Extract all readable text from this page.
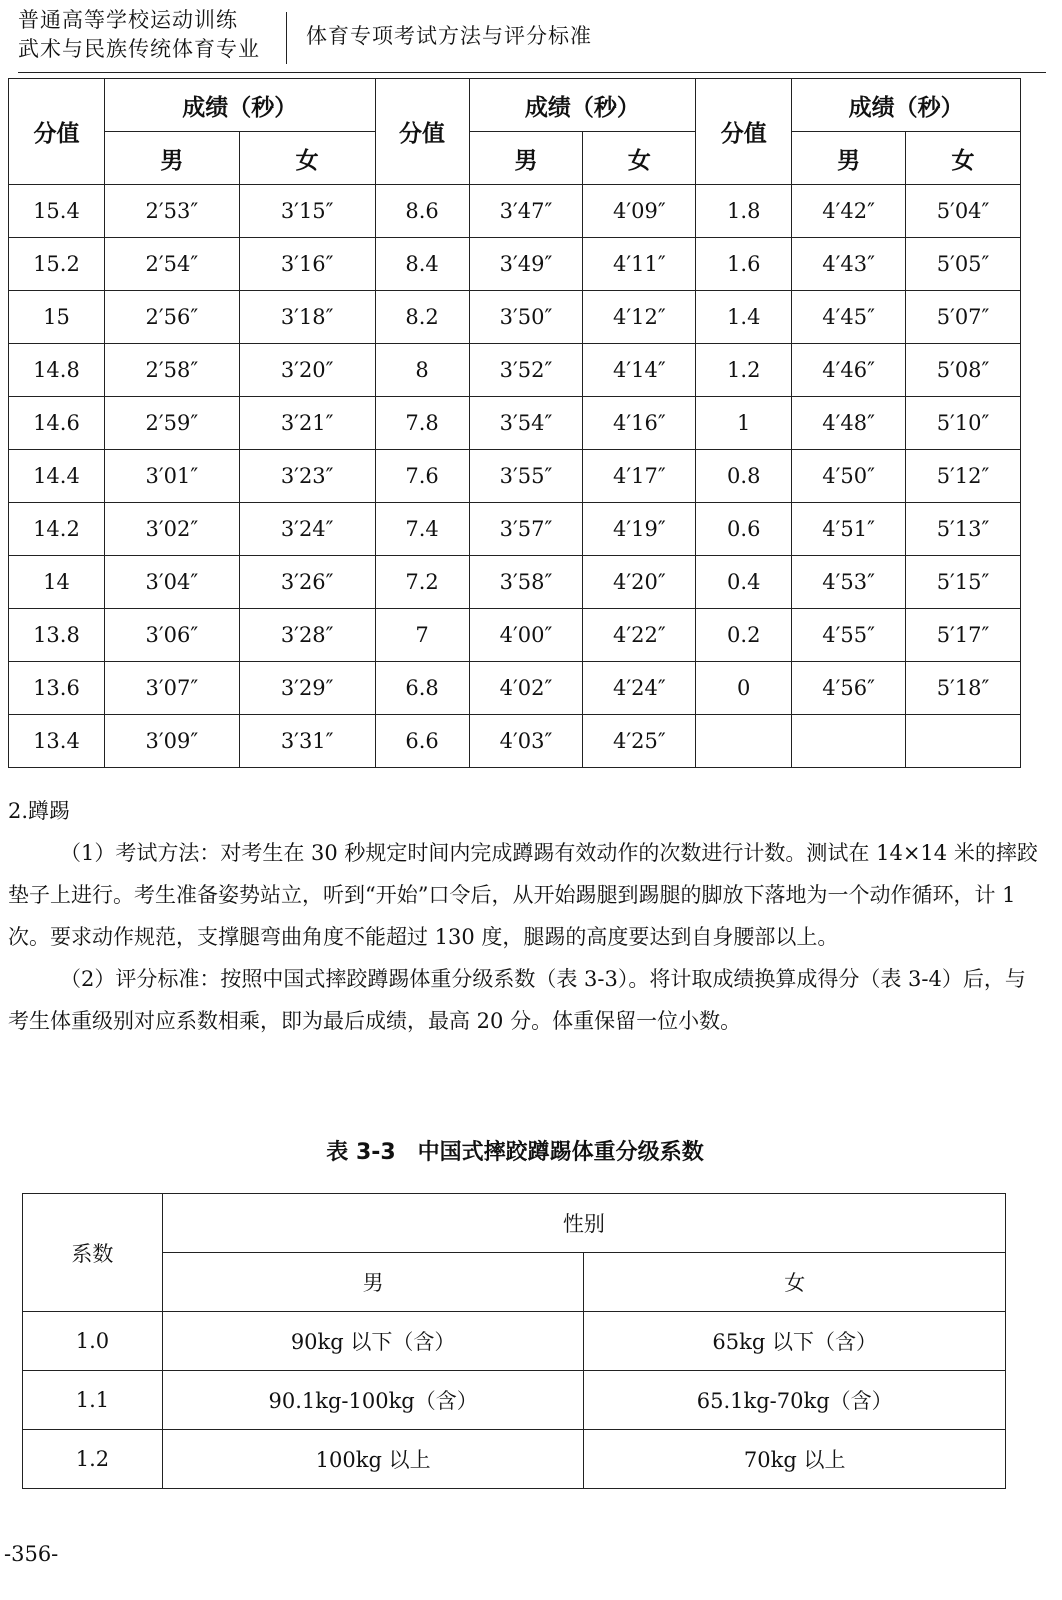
普通高等学校运动训练
武术与民族传统体育专业
体育专项考试方法与评分标准
分值	成绩（秒）		分值	成绩（秒）		分值	成绩（秒）	
	男	女		男	女		男	女
15.4	2′53″	3′15″	8.6	3′47″	4′09″	1.8	4′42″	5′04″
15.2	2′54″	3′16″	8.4	3′49″	4′11″	1.6	4′43″	5′05″
15	2′56″	3′18″	8.2	3′50″	4′12″	1.4	4′45″	5′07″
14.8	2′58″	3′20″	8	3′52″	4′14″	1.2	4′46″	5′08″
14.6	2′59″	3′21″	7.8	3′54″	4′16″	1	4′48″	5′10″
14.4	3′01″	3′23″	7.6	3′55″	4′17″	0.8	4′50″	5′12″
14.2	3′02″	3′24″	7.4	3′57″	4′19″	0.6	4′51″	5′13″
14	3′04″	3′26″	7.2	3′58″	4′20″	0.4	4′53″	5′15″
13.8	3′06″	3′28″	7	4′00″	4′22″	0.2	4′55″	5′17″
13.6	3′07″	3′29″	6.8	4′02″	4′24″	0	4′56″	5′18″
13.4	3′09″	3′31″	6.6	4′03″	4′25″			
2.蹲踢

（1）考试方法：对考生在 30 秒规定时间内完成蹲踢有效动作的次数进行计数。测试在 14×14 米的摔跤垫子上进行。考生准备姿势站立，听到“开始”口令后，从开始踢腿到踢腿的脚放下落地为一个动作循环，计 1 次。要求动作规范，支撑腿弯曲角度不能超过 130 度，腿踢的高度要达到自身腰部以上。

（2）评分标准：按照中国式摔跤蹲踢体重分级系数（表 3-3）。将计取成绩换算成得分（表 3-4）后，与考生体重级别对应系数相乘，即为最后成绩，最高 20 分。体重保留一位小数。

表 3-3　中国式摔跤蹲踢体重分级系数
系数	性别	
	男	女
1.0	90kg 以下（含）	65kg 以下（含）
1.1	90.1kg-100kg（含）	65.1kg-70kg（含）
1.2	100kg 以上	70kg 以上
-356-
